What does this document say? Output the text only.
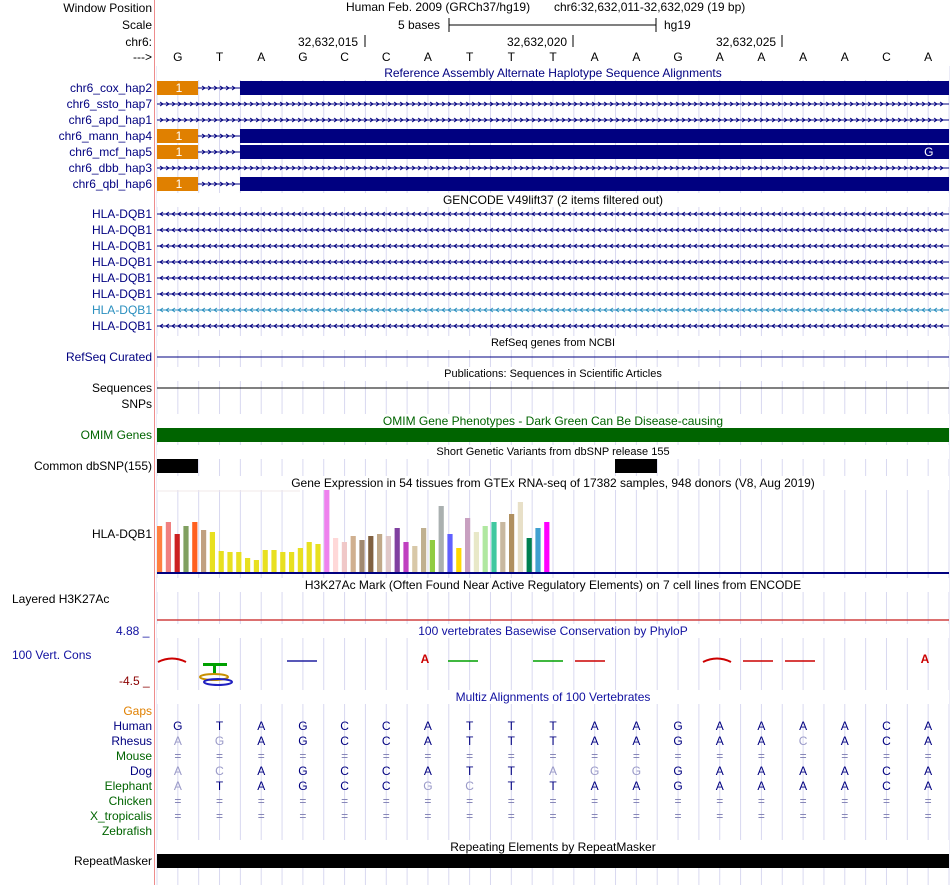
A	A
Window Position
Scale
chr6:
--->
Human Feb. 2009 (GRCh37/hg19) chr6:32,632,011-32,632,029 (19 bp)
5 bases	hg19
32,632,015	32,632,020	32,632,025
G	T	A	G	C	C	A	T	T	T	A	A	G	A	A	A	A	C	A
Reference Assembly Alternate Haplotype Sequence Alignments
chr6_cox_hap2	1
chr6_ssto_hap7
chr6_apd_hap1
chr6_mann_hap4	1
chr6_mcf_hap5	1	G
chr6_dbb_hap3
chr6_qbl_hap6	1
GENCODE V49lift37 (2 items filtered out)
HLA-DQB1
HLA-DQB1
HLA-DQB1
HLA-DQB1
HLA-DQB1
HLA-DQB1
HLA-DQB1
HLA-DQB1
RefSeq genes from NCBI
RefSeq Curated
Publications: Sequences in Scientific Articles
Sequences
SNPs
OMIM Gene Phenotypes - Dark Green Can Be Disease-causing
OMIM Genes
Short Genetic Variants from dbSNP release 155
Common dbSNP(155)
Gene Expression in 54 tissues from GTEx RNA-seq of 17382 samples, 948 donors (V8, Aug 2019)
HLA-DQB1
H3K27Ac Mark (Often Found Near Active Regulatory Elements) on 7 cell lines from ENCODE
Layered H3K27Ac
100 vertebrates Basewise Conservation by PhyloP
4.88 _
100 Vert. Cons
-4.5 _
Multiz Alignments of 100 Vertebrates
Gaps
Human	G	T	A	G	C	C	A	T	T	T	A	A	G	A	A	A	A	C	A
Rhesus	A	G	A	G	C	C	A	T	T	T	A	A	G	A	A	C	A	C	A
Mouse	=	=	=	=	=	=	=	=	=	=	=	=	=	=	=	=	=	=	=
Dog	A	C	A	G	C	C	A	T	T	A	G	G	G	A	A	A	A	C	A
Elephant	A	T	A	G	C	C	G	C	T	T	A	A	G	A	A	A	A	C	A
Chicken	=	=	=	=	=	=	=	=	=	=	=	=	=	=	=	=	=	=	=
X_tropicalis	=	=	=	=	=	=	=	=	=	=	=	=	=	=	=	=	=	=	=
Zebrafish
Repeating Elements by RepeatMasker
RepeatMasker
